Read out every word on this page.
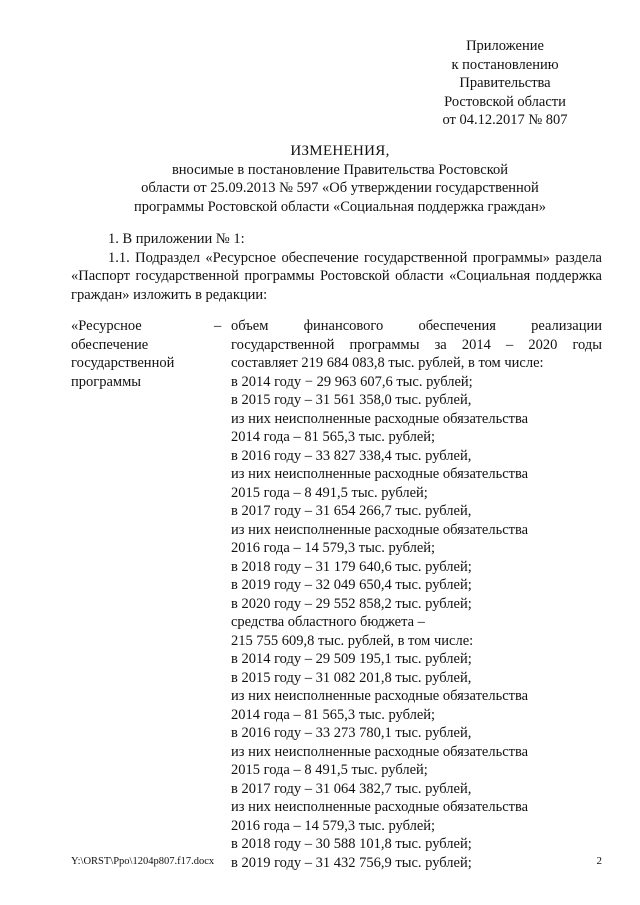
Приложение
к постановлению
Правительства
Ростовской области
от 04.12.2017 № 807
ИЗМЕНЕНИЯ,
вносимые в постановление Правительства Ростовской
области от 25.09.2013 № 597 «Об утверждении государственной
программы Ростовской области «Социальная поддержка граждан»
1. В приложении № 1:
1.1. Подраздел «Ресурсное обеспечение государственной программы» раздела «Паспорт государственной программы Ростовской области «Социальная поддержка граждан» изложить в редакции:
«Ресурсное
обеспечение
государственной
программы
– объем финансового обеспечения реализации
государственной программы за 2014 – 2020 годы
составляет 219 684 083,8 тыс. рублей, в том числе:
в 2014 году − 29 963 607,6 тыс. рублей;
в 2015 году – 31 561 358,0 тыс. рублей,
из них неисполненные расходные обязательства
2014 года – 81 565,3 тыс. рублей;
в 2016 году – 33 827 338,4 тыс. рублей,
из них неисполненные расходные обязательства
2015 года – 8 491,5 тыс. рублей;
в 2017 году – 31 654 266,7 тыс. рублей,
из них неисполненные расходные обязательства
2016 года – 14 579,3 тыс. рублей;
в 2018 году – 31 179 640,6 тыс. рублей;
в 2019 году – 32 049 650,4 тыс. рублей;
в 2020 году – 29 552 858,2 тыс. рублей;
средства областного бюджета –
215 755 609,8 тыс. рублей, в том числе:
в 2014 году – 29 509 195,1 тыс. рублей;
в 2015 году – 31 082 201,8 тыс. рублей,
из них неисполненные расходные обязательства
2014 года – 81 565,3 тыс. рублей;
в 2016 году – 33 273 780,1 тыс. рублей,
из них неисполненные расходные обязательства
2015 года – 8 491,5 тыс. рублей;
в 2017 году – 31 064 382,7 тыс. рублей,
из них неисполненные расходные обязательства
2016 года – 14 579,3 тыс. рублей;
в 2018 году – 30 588 101,8 тыс. рублей;
в 2019 году – 31 432 756,9 тыс. рублей;
Y:\ORST\Ppo\1204p807.f17.docx	2
